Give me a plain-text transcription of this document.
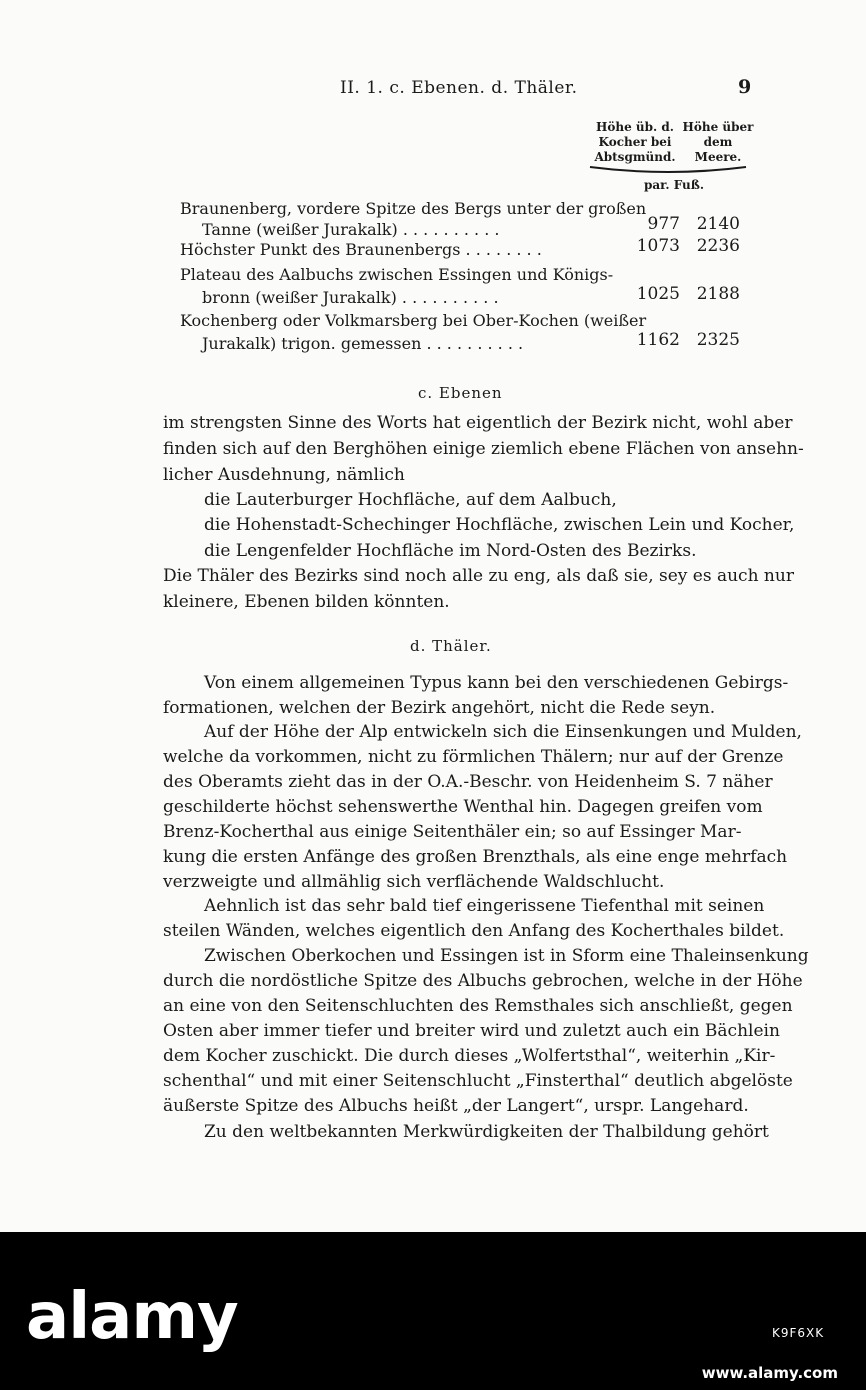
II. 1. c. Ebenen. d. Thäler.	9
Höhe üb. d.
Kocher bei
Abtsgmünd.
Höhe über
dem
Meere.
par. Fuß.
Braunenberg, vordere Spitze des Bergs unter der großen
Tanne (weißer Jurakalk) . . . . . . . . . .	977 2140
Höchster Punkt des Braunenbergs . . . . . . . .	1073 2236
Plateau des Aalbuchs zwischen Essingen und Königs-
bronn (weißer Jurakalk) . . . . . . . . . .	1025 2188
Kochenberg oder Volkmarsberg bei Ober-Kochen (weißer
Jurakalk) trigon. gemessen . . . . . . . . . .	1162 2325
c. Ebenen
im strengsten Sinne des Worts hat eigentlich der Bezirk nicht, wohl aber
finden sich auf den Berghöhen einige ziemlich ebene Flächen von ansehn-
licher Ausdehnung, nämlich
die Lauterburger Hochfläche, auf dem Aalbuch,
die Hohenstadt-Schechinger Hochfläche, zwischen Lein und Kocher,
die Lengenfelder Hochfläche im Nord-Osten des Bezirks.
Die Thäler des Bezirks sind noch alle zu eng, als daß sie, sey es auch nur
kleinere, Ebenen bilden könnten.
d. Thäler.
Von einem allgemeinen Typus kann bei den verschiedenen Gebirgs-
formationen, welchen der Bezirk angehört, nicht die Rede seyn.
Auf der Höhe der Alp entwickeln sich die Einsenkungen und Mulden,
welche da vorkommen, nicht zu förmlichen Thälern; nur auf der Grenze
des Oberamts zieht das in der O.A.-Beschr. von Heidenheim S. 7 näher
geschilderte höchst sehenswerthe Wenthal hin. Dagegen greifen vom
Brenz-Kocherthal aus einige Seitenthäler ein; so auf Essinger Mar-
kung die ersten Anfänge des großen Brenzthals, als eine enge mehrfach
verzweigte und allmählig sich verflächende Waldschlucht.
Aehnlich ist das sehr bald tief eingerissene Tiefenthal mit seinen
steilen Wänden, welches eigentlich den Anfang des Kocherthales bildet.
Zwischen Oberkochen und Essingen ist in Sform eine Thaleinsenkung
durch die nordöstliche Spitze des Albuchs gebrochen, welche in der Höhe
an eine von den Seitenschluchten des Remsthales sich anschließt, gegen
Osten aber immer tiefer und breiter wird und zuletzt auch ein Bächlein
dem Kocher zuschickt. Die durch dieses „Wolfertsthal“, weiterhin „Kir-
schenthal“ und mit einer Seitenschlucht „Finsterthal“ deutlich abgelöste
äußerste Spitze des Albuchs heißt „der Langert“, urspr. Langehard.
Zu den weltbekannten Merkwürdigkeiten der Thalbildung gehört
alamy	K9F6XK
www.alamy.com
